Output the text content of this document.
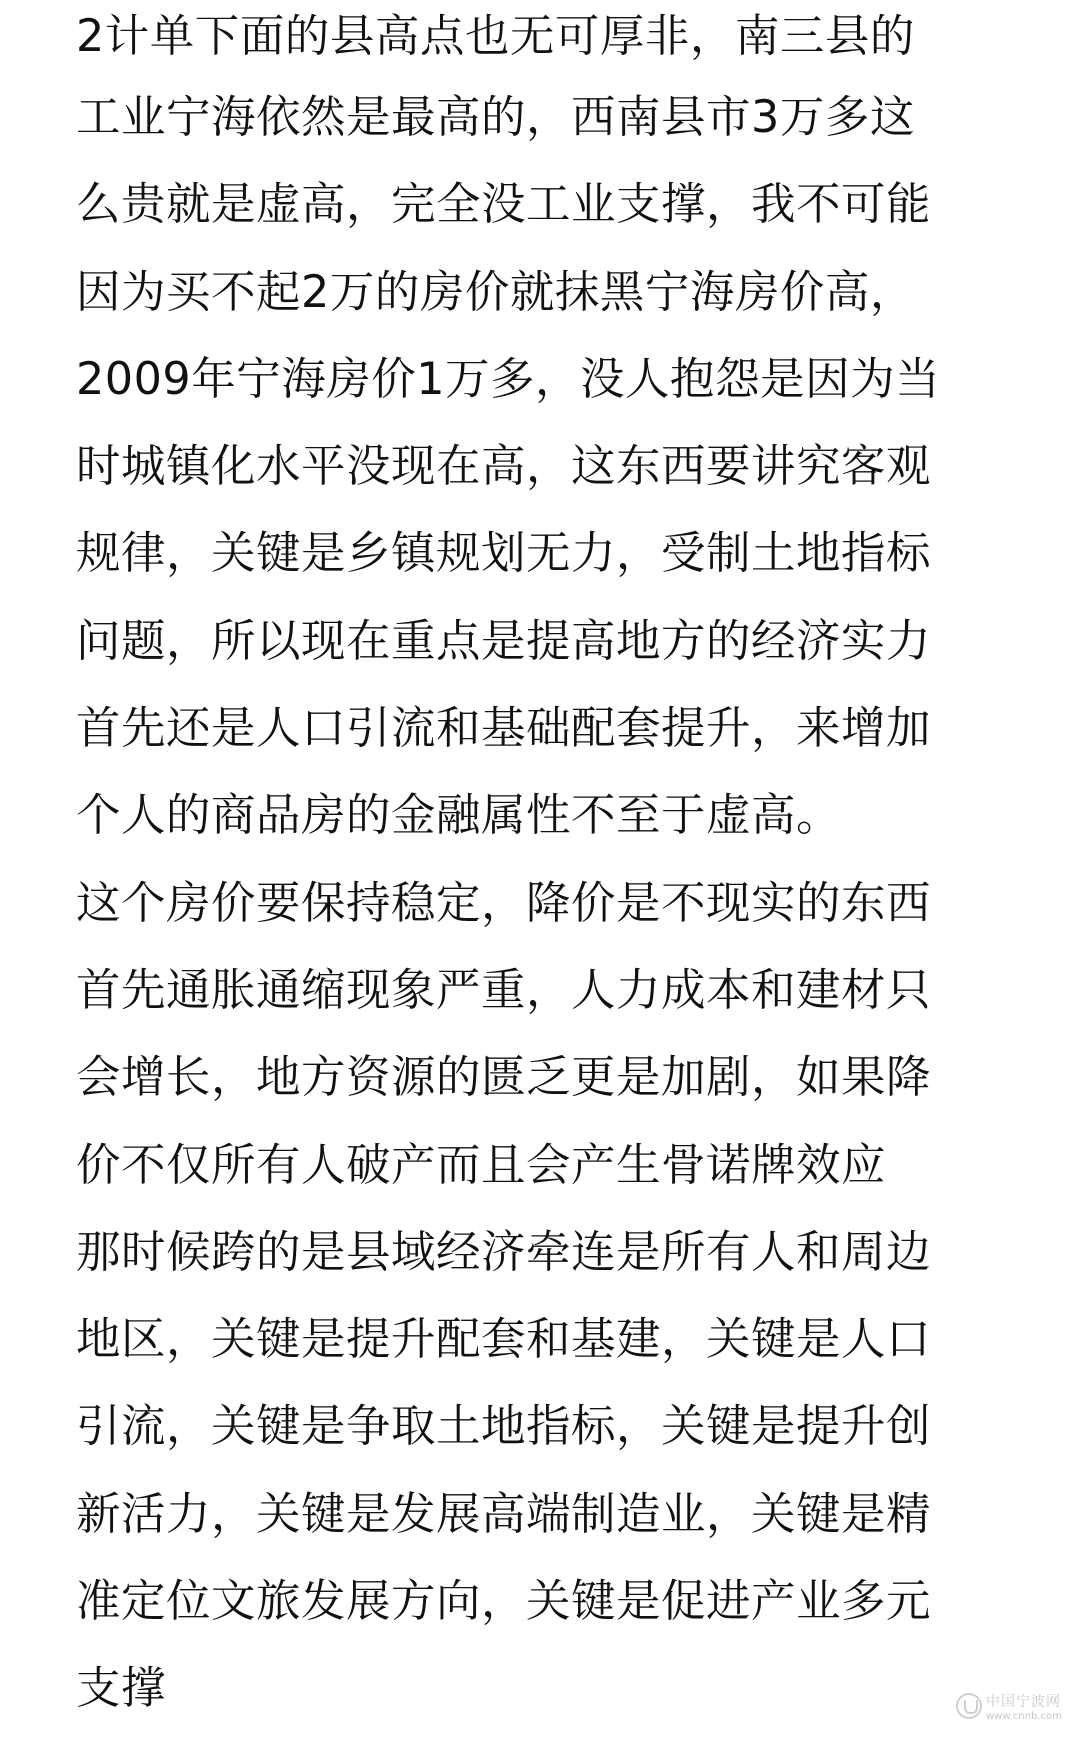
2计单下面的县高点也无可厚非，南三县的
工业宁海依然是最高的，西南县市3万多这
么贵就是虚高，完全没工业支撑，我不可能
因为买不起2万的房价就抹黑宁海房价高，
2009年宁海房价1万多，没人抱怨是因为当
时城镇化水平没现在高，这东西要讲究客观
规律，关键是乡镇规划无力，受制土地指标
问题，所以现在重点是提高地方的经济实力
首先还是人口引流和基础配套提升，来增加
个人的商品房的金融属性不至于虚高。
这个房价要保持稳定，降价是不现实的东西
首先通胀通缩现象严重，人力成本和建材只
会增长，地方资源的匮乏更是加剧，如果降
价不仅所有人破产而且会产生骨诺牌效应
那时候跨的是县域经济牵连是所有人和周边
地区，关键是提升配套和基建，关键是人口
引流，关键是争取土地指标，关键是提升创
新活力，关键是发展高端制造业，关键是精
准定位文旅发展方向，关键是促进产业多元
支撑	中国宁波网
www.cnnb.com
